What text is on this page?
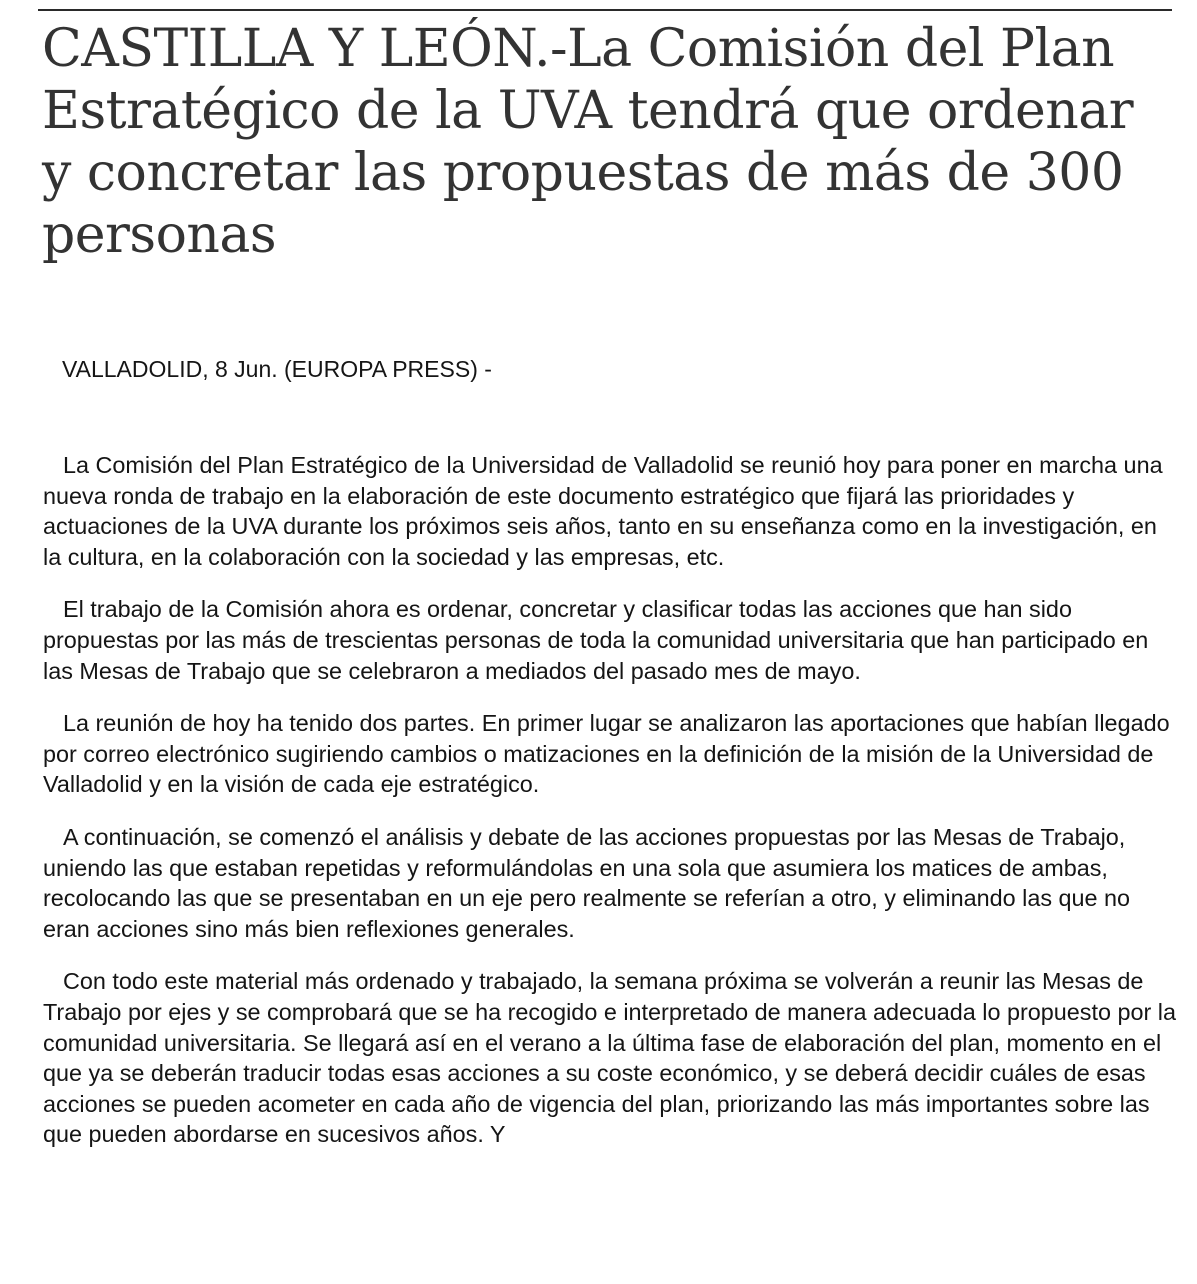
CASTILLA Y LEÓN.-La Comisión del Plan Estratégico de la UVA tendrá que ordenar y concretar las propuestas de más de 300 personas

VALLADOLID, 8 Jun. (EUROPA PRESS) -

La Comisión del Plan Estratégico de la Universidad de Valladolid se reunió hoy para poner en marcha una nueva ronda de trabajo en la elaboración de este documento estratégico que fijará las prioridades y actuaciones de la UVA durante los próximos seis años, tanto en su enseñanza como en la investigación, en la cultura, en la colaboración con la sociedad y las empresas, etc.

El trabajo de la Comisión ahora es ordenar, concretar y clasificar todas las acciones que han sido propuestas por las más de trescientas personas de toda la comunidad universitaria que han participado en las Mesas de Trabajo que se celebraron a mediados del pasado mes de mayo.

La reunión de hoy ha tenido dos partes. En primer lugar se analizaron las aportaciones que habían llegado por correo electrónico sugiriendo cambios o matizaciones en la definición de la misión de la Universidad de Valladolid y en la visión de cada eje estratégico.

A continuación, se comenzó el análisis y debate de las acciones propuestas por las Mesas de Trabajo, uniendo las que estaban repetidas y reformulándolas en una sola que asumiera los matices de ambas, recolocando las que se presentaban en un eje pero realmente se referían a otro, y eliminando las que no eran acciones sino más bien reflexiones generales.

Con todo este material más ordenado y trabajado, la semana próxima se volverán a reunir las Mesas de Trabajo por ejes y se comprobará que se ha recogido e interpretado de manera adecuada lo propuesto por la comunidad universitaria. Se llegará así en el verano a la última fase de elaboración del plan, momento en el que ya se deberán traducir todas esas acciones a su coste económico, y se deberá decidir cuáles de esas acciones se pueden acometer en cada año de vigencia del plan, priorizando las más importantes sobre las que pueden abordarse en sucesivos años. Y
